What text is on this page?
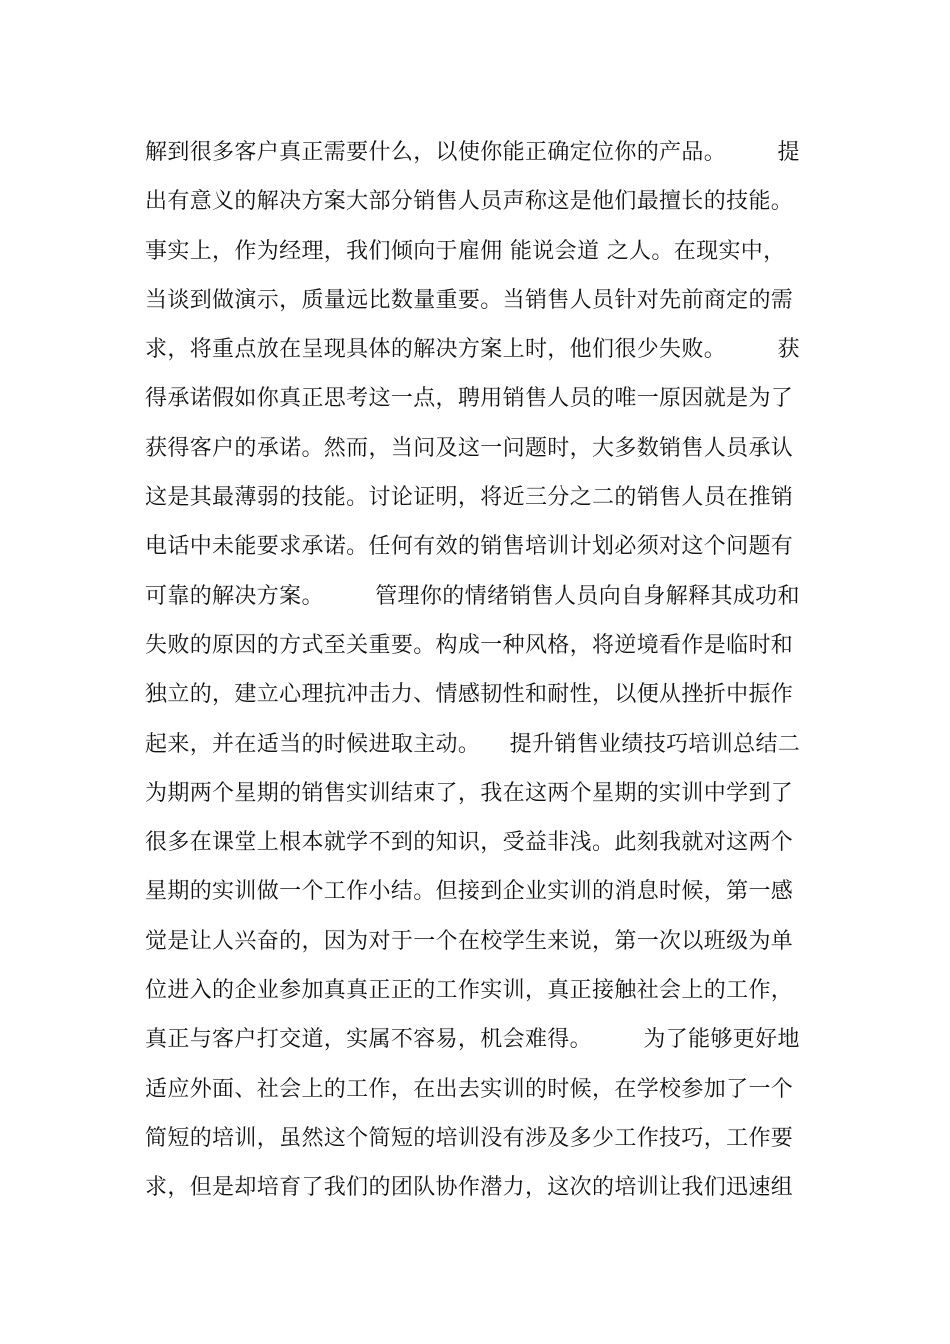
解到很多客户真正需要什么，以使你能正确定位你的产品。       提
出有意义的解决方案大部分销售人员声称这是他们最擅长的技能。
事实上，作为经理，我们倾向于雇佣 能说会道 之人。在现实中，
当谈到做演示，质量远比数量重要。当销售人员针对先前商定的需
求，将重点放在呈现具体的解决方案上时，他们很少失败。       获
得承诺假如你真正思考这一点，聘用销售人员的唯一原因就是为了
获得客户的承诺。然而，当问及这一问题时，大多数销售人员承认
这是其最薄弱的技能。讨论证明，将近三分之二的销售人员在推销
电话中未能要求承诺。任何有效的销售培训计划必须对这个问题有
可靠的解决方案。       管理你的情绪销售人员向自身解释其成功和
失败的原因的方式至关重要。构成一种风格，将逆境看作是临时和
独立的，建立心理抗冲击力、情感韧性和耐性，以便从挫折中振作
起来，并在适当的时候进取主动。    提升销售业绩技巧培训总结二
为期两个星期的销售实训结束了，我在这两个星期的实训中学到了
很多在课堂上根本就学不到的知识，受益非浅。此刻我就对这两个
星期的实训做一个工作小结。但接到企业实训的消息时候，第一感
觉是让人兴奋的，因为对于一个在校学生来说，第一次以班级为单
位进入的企业参加真真正正的工作实训，真正接触社会上的工作，
真正与客户打交道，实属不容易，机会难得。       为了能够更好地
适应外面、社会上的工作，在出去实训的时候，在学校参加了一个
简短的培训，虽然这个简短的培训没有涉及多少工作技巧，工作要
求，但是却培育了我们的团队协作潜力，这次的培训让我们迅速组
